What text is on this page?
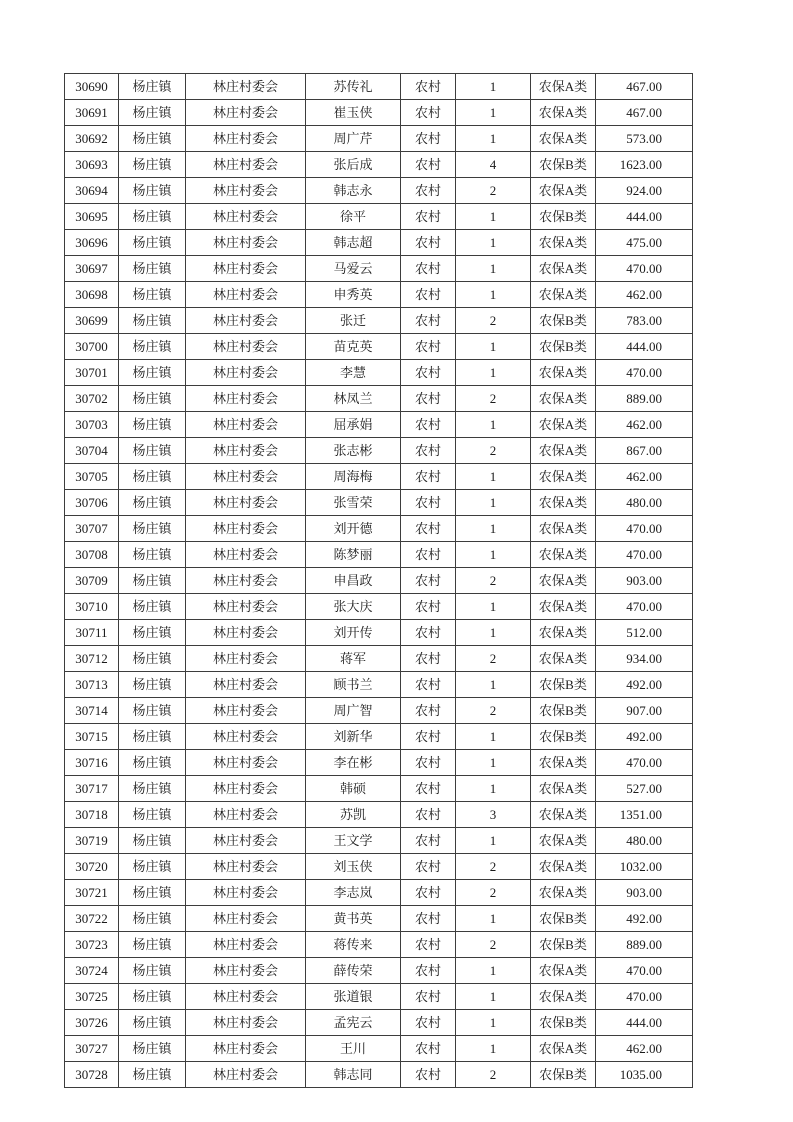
30690	杨庄镇	林庄村委会	苏传礼	农村	1	农保A类	467.00
30691	杨庄镇	林庄村委会	崔玉侠	农村	1	农保A类	467.00
30692	杨庄镇	林庄村委会	周广芹	农村	1	农保A类	573.00
30693	杨庄镇	林庄村委会	张后成	农村	4	农保B类	1623.00
30694	杨庄镇	林庄村委会	韩志永	农村	2	农保A类	924.00
30695	杨庄镇	林庄村委会	徐平	农村	1	农保B类	444.00
30696	杨庄镇	林庄村委会	韩志超	农村	1	农保A类	475.00
30697	杨庄镇	林庄村委会	马爱云	农村	1	农保A类	470.00
30698	杨庄镇	林庄村委会	申秀英	农村	1	农保A类	462.00
30699	杨庄镇	林庄村委会	张迁	农村	2	农保B类	783.00
30700	杨庄镇	林庄村委会	苗克英	农村	1	农保B类	444.00
30701	杨庄镇	林庄村委会	李慧	农村	1	农保A类	470.00
30702	杨庄镇	林庄村委会	林凤兰	农村	2	农保A类	889.00
30703	杨庄镇	林庄村委会	屈承娟	农村	1	农保A类	462.00
30704	杨庄镇	林庄村委会	张志彬	农村	2	农保A类	867.00
30705	杨庄镇	林庄村委会	周海梅	农村	1	农保A类	462.00
30706	杨庄镇	林庄村委会	张雪荣	农村	1	农保A类	480.00
30707	杨庄镇	林庄村委会	刘开德	农村	1	农保A类	470.00
30708	杨庄镇	林庄村委会	陈梦丽	农村	1	农保A类	470.00
30709	杨庄镇	林庄村委会	申昌政	农村	2	农保A类	903.00
30710	杨庄镇	林庄村委会	张大庆	农村	1	农保A类	470.00
30711	杨庄镇	林庄村委会	刘开传	农村	1	农保A类	512.00
30712	杨庄镇	林庄村委会	蒋军	农村	2	农保A类	934.00
30713	杨庄镇	林庄村委会	顾书兰	农村	1	农保B类	492.00
30714	杨庄镇	林庄村委会	周广智	农村	2	农保B类	907.00
30715	杨庄镇	林庄村委会	刘新华	农村	1	农保B类	492.00
30716	杨庄镇	林庄村委会	李在彬	农村	1	农保A类	470.00
30717	杨庄镇	林庄村委会	韩硕	农村	1	农保A类	527.00
30718	杨庄镇	林庄村委会	苏凯	农村	3	农保A类	1351.00
30719	杨庄镇	林庄村委会	王文学	农村	1	农保A类	480.00
30720	杨庄镇	林庄村委会	刘玉侠	农村	2	农保A类	1032.00
30721	杨庄镇	林庄村委会	李志岚	农村	2	农保A类	903.00
30722	杨庄镇	林庄村委会	黄书英	农村	1	农保B类	492.00
30723	杨庄镇	林庄村委会	蒋传来	农村	2	农保B类	889.00
30724	杨庄镇	林庄村委会	薛传荣	农村	1	农保A类	470.00
30725	杨庄镇	林庄村委会	张道银	农村	1	农保A类	470.00
30726	杨庄镇	林庄村委会	孟宪云	农村	1	农保B类	444.00
30727	杨庄镇	林庄村委会	王川	农村	1	农保A类	462.00
30728	杨庄镇	林庄村委会	韩志同	农村	2	农保B类	1035.00
